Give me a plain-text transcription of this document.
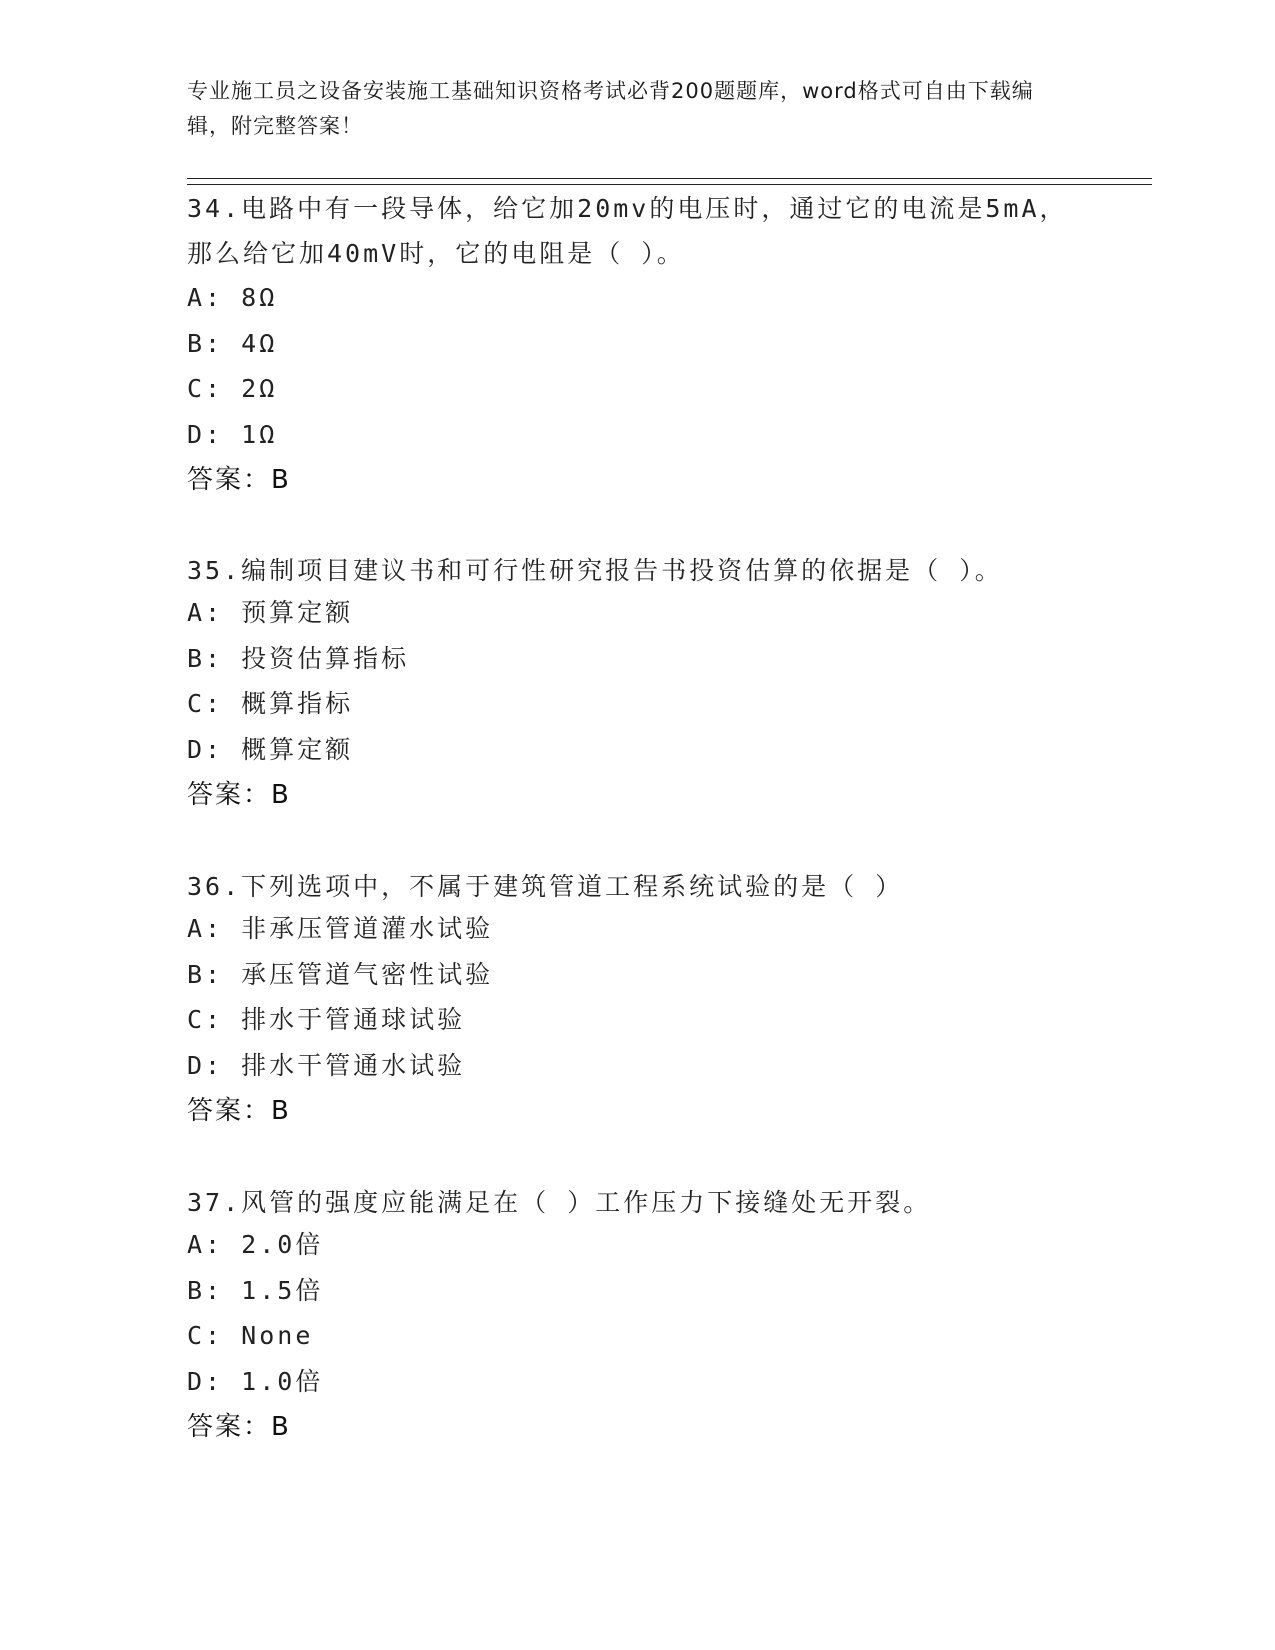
专业施工员之设备安装施工基础知识资格考试必背200题题库，word格式可自由下载编辑，附完整答案！

34.电路中有一段导体，给它加20mv的电压时，通过它的电流是5mA，那么给它加40mV时，它的电阻是（ ）。

A: 8Ω
B: 4Ω
C: 2Ω
D: 1Ω
答案：B

35.编制项目建议书和可行性研究报告书投资估算的依据是（ ）。

A: 预算定额
B: 投资估算指标
C: 概算指标
D: 概算定额
答案：B

36.下列选项中，不属于建筑管道工程系统试验的是（ ）

A: 非承压管道灌水试验
B: 承压管道气密性试验
C: 排水于管通球试验
D: 排水干管通水试验
答案：B

37.风管的强度应能满足在（ ）工作压力下接缝处无开裂。

A: 2.0倍
B: 1.5倍
C: None
D: 1.0倍
答案：B
